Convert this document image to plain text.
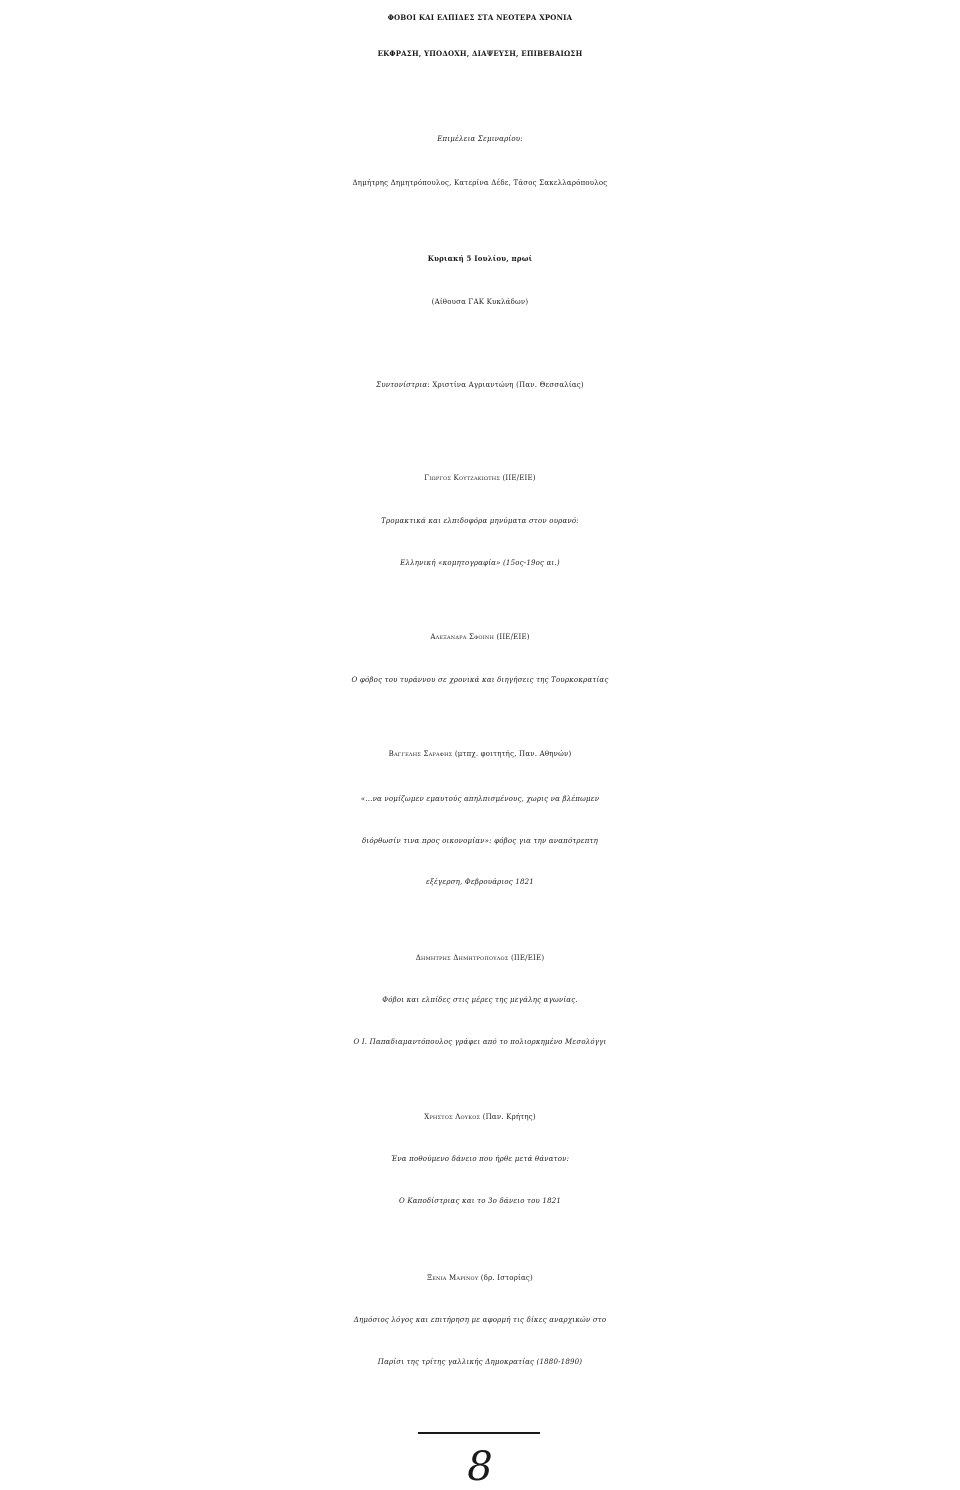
ΦΟΒΟΙ ΚΑΙ ΕΛΠΙΔΕΣ ΣΤΑ ΝΕΟΤΕΡΑ ΧΡΟΝΙΑ
ΕΚΦΡΑΣΗ, ΥΠΟΔΟΧΗ, ΔΙΑΨΕΥΣΗ, ΕΠΙΒΕΒΑΙΩΣΗ
Επιμέλεια Σεμιναρίου:
Δημήτρης Δημητρόπουλος, Κατερίνα Δέδε, Τάσος Σακελλαρόπουλος
Κυριακή 5 Ιουλίου, πρωί
(Αίθουσα ΓΑΚ Κυκλάδων)
Συντονίστρια: Χριστίνα Αγριαντώνη (Παν. Θεσσαλίας)
Γιωργος Κουτζακιωτης (ΙΙΕ/ΕΙΕ)
Τρομακτικά και ελπιδοφόρα μηνύματα στον ουρανό:
Ελληνική «κομητογραφία» (15ος-19ος αι.)
Αλεξανδρα Σφοινη (ΙΙΕ/ΕΙΕ)
Ο φόβος του τυράννου σε χρονικά και διηγήσεις της Τουρκοκρατίας
Βαγγελης Σαραφης (μτπχ. φοιτητής, Παν. Αθηνών)
«...να νομίζωμεν εμαυτούς απηλπισμένους, χωρις να βλέπωμεν
διόρθωσίν τινα προς οικονομίαν»: φόβος για την αναπότρεπτη
εξέγερση, Φεβρουάριος 1821
Δημητρης Δημητροπουλος (ΙΙΕ/ΕΙΕ)
Φόβοι και ελπίδες στις μέρες της μεγάλης αγωνίας.
Ο Ι. Παπαδιαμαντόπουλος γράφει από το πολιορκημένο Μεσολόγγι
Χρηστος Λουκος (Παν. Κρήτης)
Ένα ποθούμενο δάνειο που ήρθε μετά θάνατον:
Ο Καποδίστριας και το 3ο δάνειο του 1821
Ξενια Μαρινου (δρ. Ιστορίας)
Δημόσιος λόγος και επιτήρηση με αφορμή τις δίκες αναρχικών στο
Παρίσι της τρίτης γαλλικής Δημοκρατίας (1880-1890)
8
